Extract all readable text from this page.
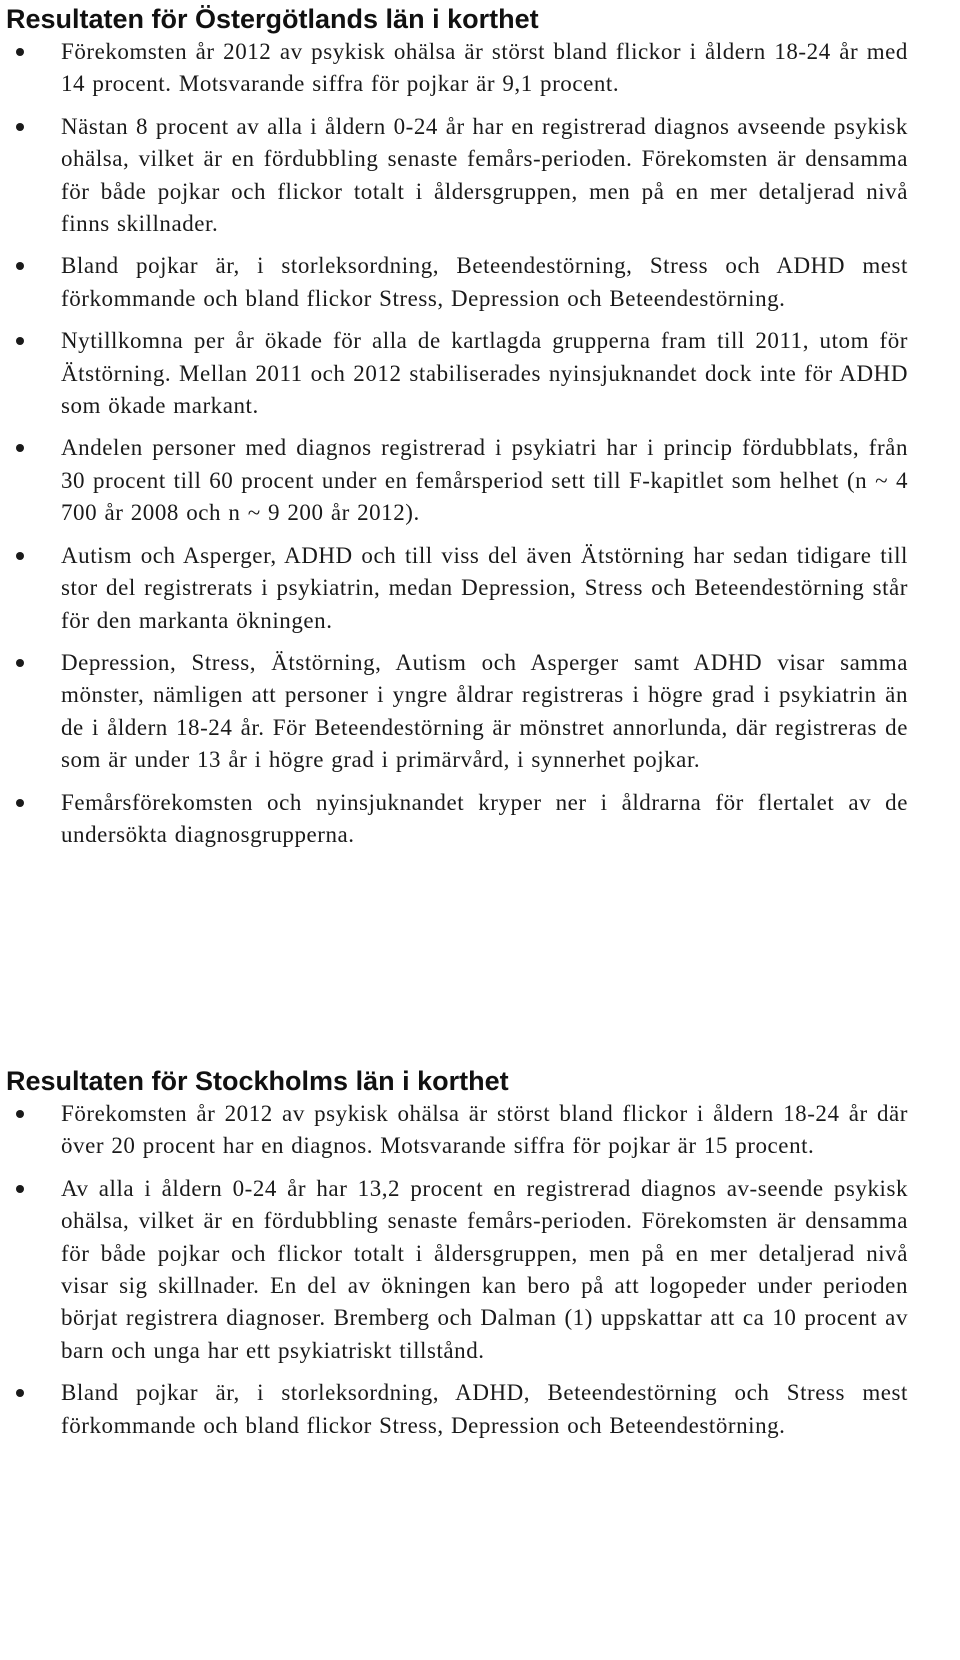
Resultaten för Östergötlands län i korthet
Förekomsten år 2012 av psykisk ohälsa är störst bland flickor i åldern 18-24 år med 14 procent. Motsvarande siffra för pojkar är 9,1 procent.
Nästan 8 procent av alla i åldern 0-24 år har en registrerad diagnos avseende psykisk ohälsa, vilket är en fördubbling senaste femårs-perioden. Förekomsten är densamma för både pojkar och flickor totalt i åldersgruppen, men på en mer detaljerad nivå finns skillnader.
Bland pojkar är, i storleksordning, Beteendestörning, Stress och ADHD mest förkommande och bland flickor Stress, Depression och Beteendestörning.
Nytillkomna per år ökade för alla de kartlagda grupperna fram till 2011, utom för Ätstörning. Mellan 2011 och 2012 stabiliserades nyinsjuknandet dock inte för ADHD som ökade markant.
Andelen personer med diagnos registrerad i psykiatri har i princip fördubblats, från 30 procent till 60 procent under en femårsperiod sett till F-kapitlet som helhet (n ~ 4 700 år 2008 och n ~ 9 200 år 2012).
Autism och Asperger, ADHD och till viss del även Ätstörning har sedan tidigare till stor del registrerats i psykiatrin, medan Depression, Stress och Beteendestörning står för den markanta ökningen.
Depression, Stress, Ätstörning, Autism och Asperger samt ADHD visar samma mönster, nämligen att personer i yngre åldrar registreras i högre grad i psykiatrin än de i åldern 18-24 år. För Beteendestörning är mönstret annorlunda, där registreras de som är under 13 år i högre grad i primärvård, i synnerhet pojkar.
Femårsförekomsten och nyinsjuknandet kryper ner i åldrarna för flertalet av de undersökta diagnosgrupperna.
Resultaten för Stockholms län i korthet
Förekomsten år 2012 av psykisk ohälsa är störst bland flickor i åldern 18-24 år där över 20 procent har en diagnos. Motsvarande siffra för pojkar är 15 procent.
Av alla i åldern 0-24 år har 13,2 procent en registrerad diagnos av-seende psykisk ohälsa, vilket är en fördubbling senaste femårs-perioden. Förekomsten är densamma för både pojkar och flickor totalt i åldersgruppen, men på en mer detaljerad nivå visar sig skillnader. En del av ökningen kan bero på att logopeder under perioden börjat registrera diagnoser. Bremberg och Dalman (1) uppskattar att ca 10 procent av barn och unga har ett psykiatriskt tillstånd.
Bland pojkar är, i storleksordning, ADHD, Beteendestörning och Stress mest förkommande och bland flickor Stress, Depression och Beteendestörning.
